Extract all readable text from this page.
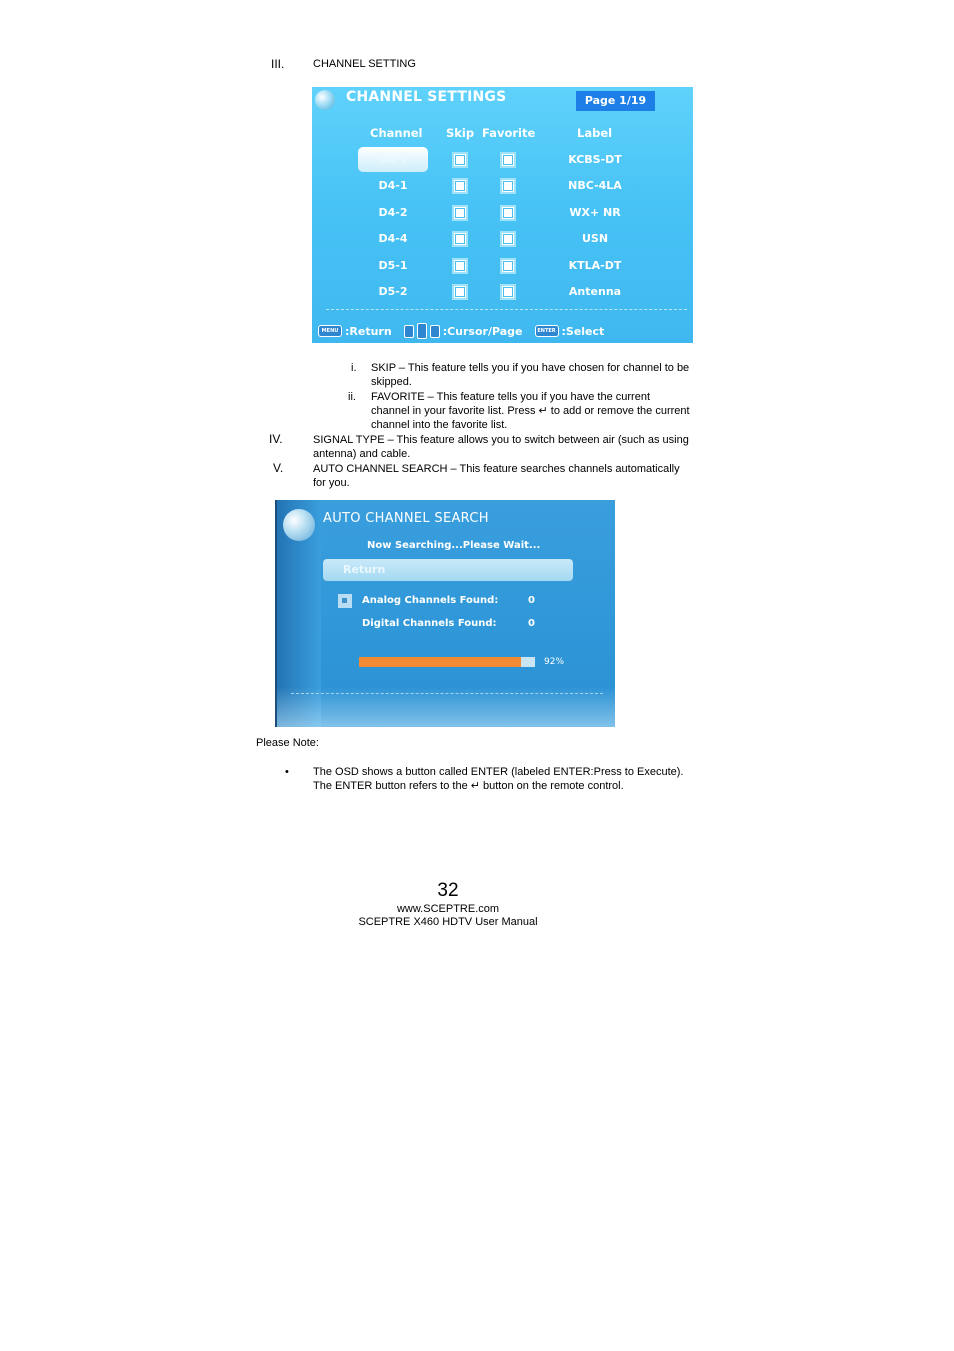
III.	CHANNEL SETTING
CHANNEL SETTINGS	Page 1/19
Channel Skip Favorite	Label
D4-1	KCBS-DT
D4-1	NBC-4LA
D4-2	WX+ NR
D4-4	USN
D5-1	KTLA-DT
D5-2	Antenna
MENU :Return	:Cursor/Page	ENTER :Select
i. SKIP – This feature tells you if you have chosen for channel to be
skipped.
ii. FAVORITE – This feature tells you if you have the current
channel in your favorite list. Press ↵ to add or remove the current
channel into the favorite list.
IV.	SIGNAL TYPE – This feature allows you to switch between air (such as using
antenna) and cable.
V.	AUTO CHANNEL SEARCH – This feature searches channels automatically
for you.
AUTO CHANNEL SEARCH
Now Searching...Please Wait...
Return
Analog Channels Found:	0
Digital Channels Found:	0
92%
Please Note:
• The OSD shows a button called ENTER (labeled ENTER:Press to Execute).
The ENTER button refers to the ↵ button on the remote control.
32
www.SCEPTRE.com
SCEPTRE X460 HDTV User Manual
